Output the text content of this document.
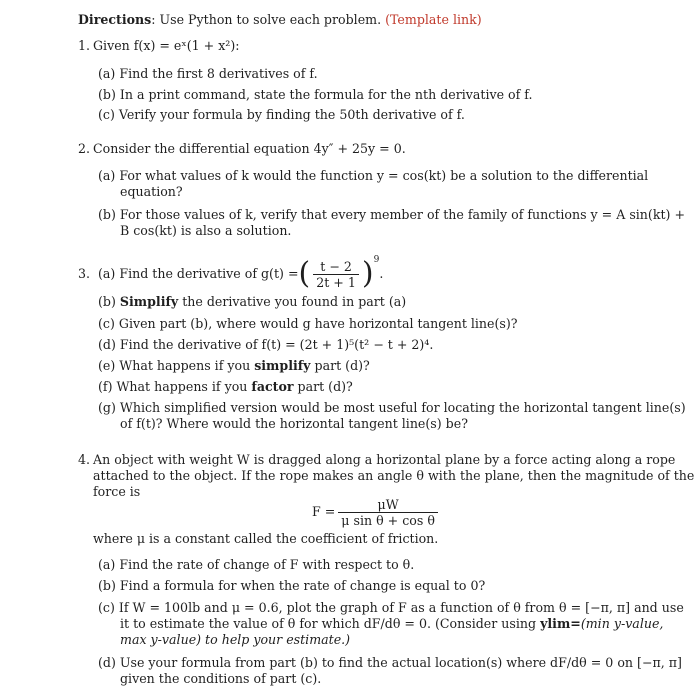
Directions: Use Python to solve each problem. (Template link)
1. Given f(x) = eˣ(1 + x²):
(a) Find the first 8 derivatives of f.
(b) In a print command, state the formula for the nth derivative of f.
(c) Verify your formula by finding the 50th derivative of f.
2. Consider the differential equation 4y″ + 25y = 0.
(a) For what values of k would the function y = cos(kt) be a solution to the differential
equation?
(b) For those values of k, verify that every member of the family of functions y = A sin(kt) +
B cos(kt) is also a solution.
3. (a) Find the derivative of g(t) = ( $\frac{t - 2}{2t + 1} )^9$
.
(b) Simplify the derivative you found in part (a)
(c) Given part (b), where would g have horizontal tangent line(s)?
(d) Find the derivative of f(t) = (2t + 1)⁵(t² − t + 2)⁴.
(e) What happens if you simplify part (d)?
(f) What happens if you factor part (d)?
(g) Which simplified version would be most useful for locating the horizontal tangent line(s)
of f(t)? Where would the horizontal tangent line(s) be?
4. An object with weight W is dragged along a horizontal plane by a force acting along a rope
attached to the object. If the rope makes an angle θ with the plane, then the magnitude of the
force is
$F = \frac{\mu W}{\text{μ sin θ + cos θ}}$
where μ is a constant called the coefficient of friction.
(a) Find the rate of change of F with respect to θ.
(b) Find a formula for when the rate of change is equal to 0?
(c) If W = 100lb and μ = 0.6, plot the graph of F as a function of θ from θ = [−π, π] and use
it to estimate the value of θ for which dF/dθ = 0. (Consider using ylim=(min y-value,
max y-value) to help your estimate.)
(d) Use your formula from part (b) to find the actual location(s) where dF/dθ = 0 on [−π, π]
given the conditions of part (c).
